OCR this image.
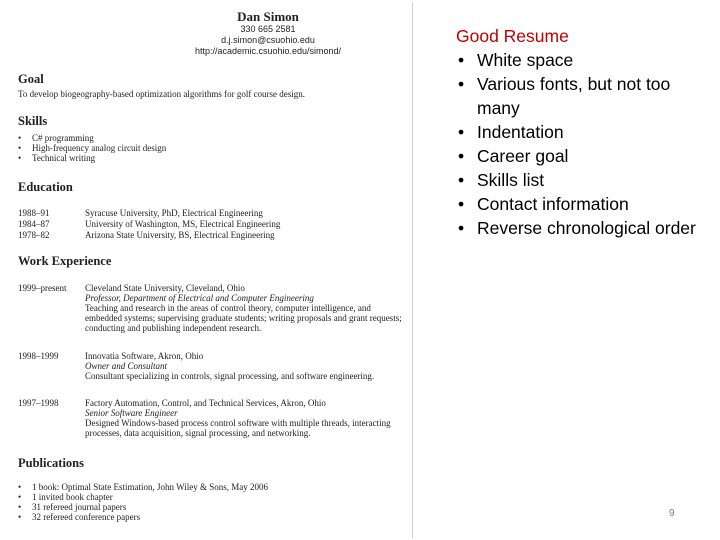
Dan Simon
330 665 2581
d.j.simon@csuohio.edu
http://academic.csuohio.edu/simond/
Goal
To develop biogeography-based optimization algorithms for golf course design.
Skills
• C# programming
• High-frequency analog circuit design
• Technical writing
Education
1988–91	Syracuse University, PhD, Electrical Engineering
1984–87	University of Washington, MS, Electrical Engineering
1978–82	Arizona State University, BS, Electrical Engineering
Work Experience
1999–present	Cleveland State University, Cleveland, Ohio
Professor, Department of Electrical and Computer Engineering
Teaching and research in the areas of control theory, computer intelligence, and embedded systems; supervising graduate students; writing proposals and grant requests; conducting and publishing independent research.
1998–1999	Innovatia Software, Akron, Ohio
Owner and Consultant
Consultant specializing in controls, signal processing, and software engineering.
1997–1998	Factory Automation, Control, and Technical Services, Akron, Ohio
Senior Software Engineer
Designed Windows-based process control software with multiple threads, interacting processes, data acquisition, signal processing, and networking.
Publications
• 1 book: Optimal State Estimation, John Wiley & Sons, May 2006
• 1 invited book chapter
• 31 refereed journal papers
• 32 refereed conference papers
Good Resume
• White space
• Various fonts, but not too many
• Indentation
• Career goal
• Skills list
• Contact information
• Reverse chronological order
9
